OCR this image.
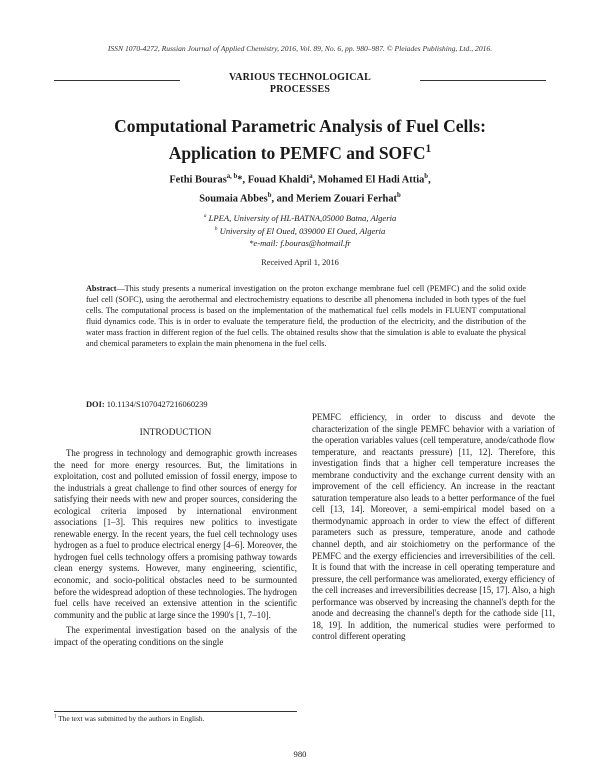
ISSN 1070-4272, Russian Journal of Applied Chemistry, 2016, Vol. 89, No. 6, pp. 980–987. © Pleiades Publishing, Ltd., 2016.
VARIOUS TECHNOLOGICAL
PROCESSES
Computational Parametric Analysis of Fuel Cells:
Application to PEMFC and SOFC$^1$
Fethi Bouras$^{a, b}$*, Fouad Khaldi$^a$, Mohamed El Hadi Attia$^b$,
Soumaia Abbes$^b$, and Meriem Zouari Ferhat$^b$
$^a$ LPEA, University of HL-BATNA,05000 Batna, Algeria
$^b$ University of El Oued, 039000 El Oued, Algeria
*e-mail: f.bouras@hotmail.fr
Received April 1, 2016
Abstract—This study presents a numerical investigation on the proton exchange membrane fuel cell (PEMFC) and the solid oxide fuel cell (SOFC), using the aerothermal and electrochemistry equations to describe all phenomena included in both types of the fuel cells. The computational process is based on the implementation of the mathematical fuel cells models in FLUENT computational fluid dynamics code. This is in order to evaluate the temperature field, the production of the electricity, and the distribution of the water mass fraction in different region of the fuel cells. The obtained results show that the simulation is able to evaluate the physical and chemical parameters to explain the main phenomena in the fuel cells.
DOI: 10.1134/S1070427216060239
INTRODUCTION

The progress in technology and demographic growth increases the need for more energy resources. But, the limitations in exploitation, cost and polluted emission of fossil energy, impose to the industrials a great challenge to find other sources of energy for satisfying their needs with new and proper sources, considering the ecological criteria imposed by international environment associations [1–3]. This requires new politics to investigate renewable energy. In the recent years, the fuel cell technology uses hydrogen as a fuel to produce electrical energy [4–6]. Moreover, the hydrogen fuel cells technology offers a promising pathway towards clean energy systems. However, many engineering, scientific, economic, and socio-political obstacles need to be surmounted before the widespread adoption of these technologies. The hydrogen fuel cells have received an extensive attention in the scientific community and the public at large since the 1990's [1, 7–10].

The experimental investigation based on the analysis of the impact of the operating conditions on the single

$^1$ The text was submitted by the authors in English.

PEMFC efficiency, in order to discuss and devote the characterization of the single PEMFC behavior with a variation of the operation variables values (cell temperature, anode/cathode flow temperature, and reactants pressure) [11, 12]. Therefore, this investigation finds that a higher cell temperature increases the membrane conductivity and the exchange current density with an improvement of the cell efficiency. An increase in the reactant saturation temperature also leads to a better performance of the fuel cell [13, 14]. Moreover, a semi-empirical model based on a thermodynamic approach in order to view the effect of different parameters such as pressure, temperature, anode and cathode channel depth, and air stoichiometry on the performance of the PEMFC and the exergy efficiencies and irreversibilities of the cell. It is found that with the increase in cell operating temperature and pressure, the cell performance was ameliorated, exergy efficiency of the cell increases and irreversibilities decrease [15, 17]. Also, a high performance was observed by increasing the channel's depth for the anode and decreasing the channel's depth for the cathode side [11, 18, 19]. In addition, the numerical studies were performed to control different operating

980
